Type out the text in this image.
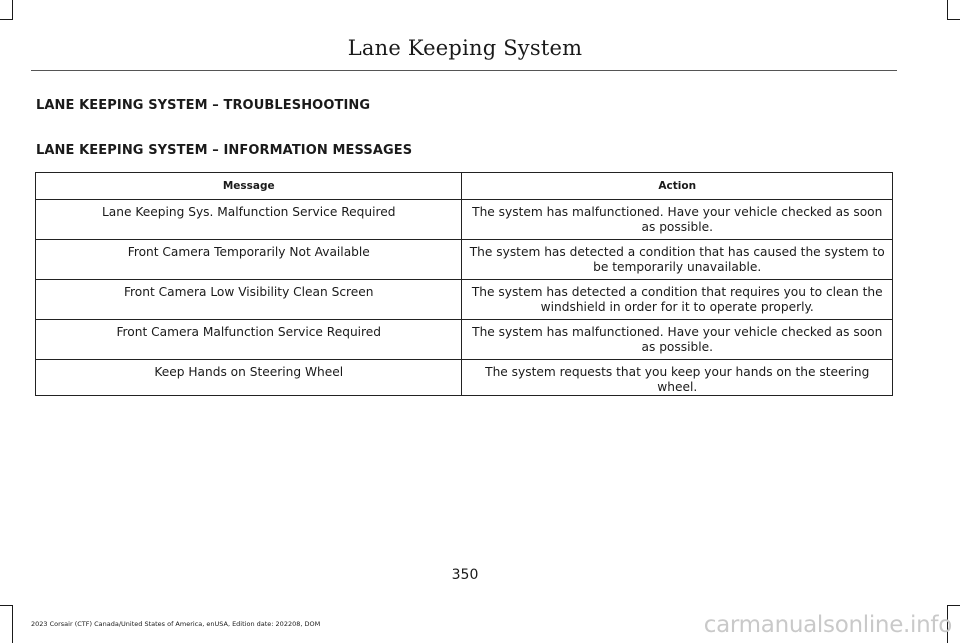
Lane Keeping System
LANE KEEPING SYSTEM – TROUBLESHOOTING
LANE KEEPING SYSTEM – INFORMATION MESSAGES
Message	Action
Lane Keeping Sys. Malfunction Service Required	The system has malfunctioned. Have your vehicle checked as soon as possible.
Front Camera Temporarily Not Available	The system has detected a condition that has caused the system to be temporarily unavailable.
Front Camera Low Visibility Clean Screen	The system has detected a condition that requires you to clean the windshield in order for it to operate properly.
Front Camera Malfunction Service Required	The system has malfunctioned. Have your vehicle checked as soon as possible.
Keep Hands on Steering Wheel	The system requests that you keep your hands on the steering wheel.
350
2023 Corsair (CTF) Canada/United States of America, enUSA, Edition date: 202208, DOM	carmanualsonline.info
